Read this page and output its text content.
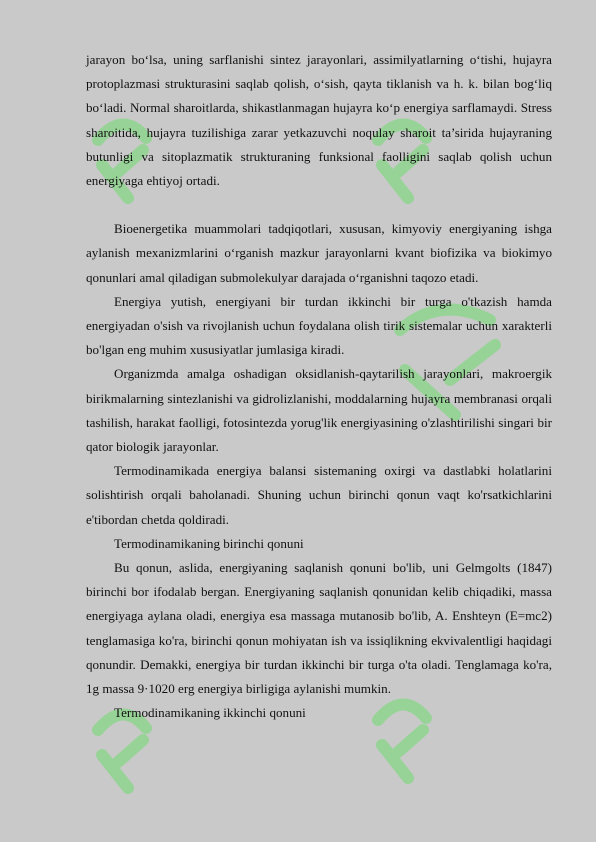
jarayon bo‘lsa, uning sarflanishi sintez jarayonlari, assimilyatlarning o‘tishi, hujayra protoplazmasi strukturasini saqlab qolish, o‘sish, qayta tiklanish va h. k. bilan bog‘liq bo‘ladi. Normal sharoitlarda, shikastlanmagan hujayra ko‘p energiya sarflamaydi. Stress sharoitida, hujayra tuzilishiga zarar yetkazuvchi noqulay sharoit ta’sirida hujayraning butunligi va sitoplazmatik strukturaning funksional faolligini saqlab qolish uchun energiyaga ehtiyoj ortadi.

Bioenergetika muammolari tadqiqotlari, xususan, kimyoviy energiyaning ishga aylanish mexanizmlarini o‘rganish mazkur jarayonlarni kvant biofizika va biokimyo qonunlari amal qiladigan submolekulyar darajada o‘rganishni taqozo etadi.

Energiya yutish, energiyani bir turdan ikkinchi bir turga o'tkazish hamda energiyadan o'sish va rivojlanish uchun foydalana olish tirik sistemalar uchun xarakterli bo'lgan eng muhim xususiyatlar jumlasiga kiradi.

Organizmda amalga oshadigan oksidlanish-qaytarilish jarayonlari, makroergik birikmalarning sintezlanishi va gidrolizlanishi, moddalarning hujayra membranasi orqali tashilish, harakat faolligi, fotosintezda yorug'lik energiyasining o'zlashtirilishi singari bir qator biologik jarayonlar.

Termodinamikada energiya balansi sistemaning oxirgi va dastlabki holatlarini solishtirish orqali baholanadi. Shuning uchun birinchi qonun vaqt ko'rsatkichlarini e'tibordan chetda qoldiradi.

Termodinamikaning birinchi qonuni

Bu qonun, aslida, energiyaning saqlanish qonuni bo'lib, uni Gelmgolts (1847) birinchi bor ifodalab bergan. Energiyaning saqlanish qonunidan kelib chiqadiki, massa energiyaga aylana oladi, energiya esa massaga mutanosib bo'lib, A. Enshteyn (E=mc2) tenglamasiga ko'ra, birinchi qonun mohiyatan ish va issiqlikning ekvivalentligi haqidagi qonundir. Demakki, energiya bir turdan ikkinchi bir turga o'ta oladi. Tenglamaga ko'ra, 1g massa 9·1020 erg energiya birligiga aylanishi mumkin.

Termodinamikaning ikkinchi qonuni
